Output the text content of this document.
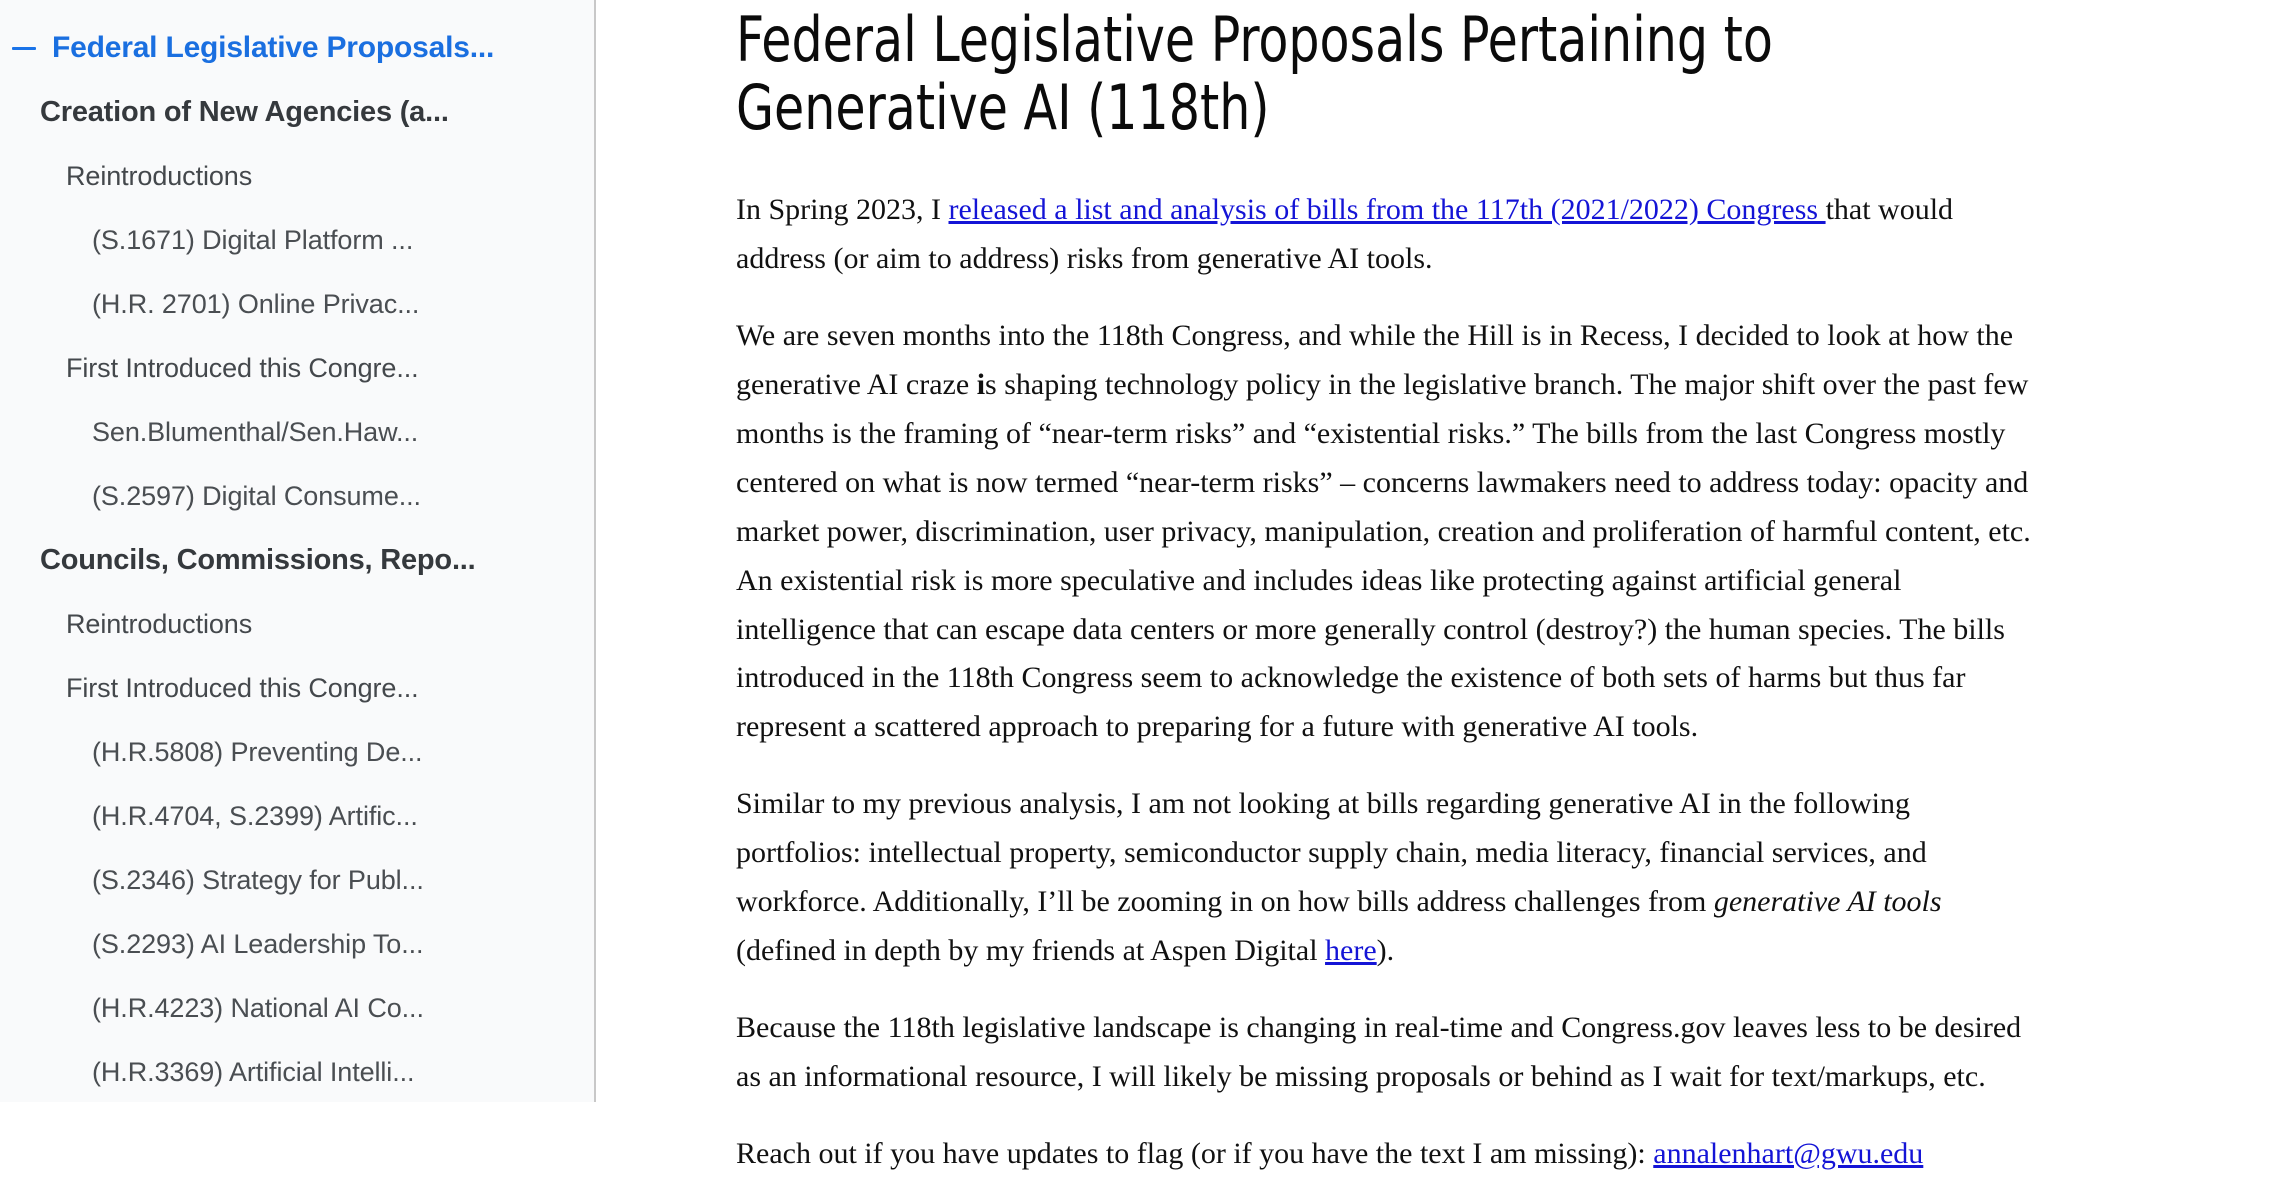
Federal Legislative Proposals...
Creation of New Agencies (a...
Reintroductions
(S.1671) Digital Platform ...
(H.R. 2701) Online Privac...
First Introduced this Congre...
Sen.Blumenthal/Sen.Haw...
(S.2597) Digital Consume...
Councils, Commissions, Repo...
Reintroductions
First Introduced this Congre...
(H.R.5808) Preventing De...
(H.R.4704, S.2399) Artific...
(S.2346) Strategy for Publ...
(S.2293) AI Leadership To...
(H.R.4223) National AI Co...
(H.R.3369) Artificial Intelli...
Federal Legislative Proposals Pertaining to Generative AI (118th)

In Spring 2023, I released a list and analysis of bills from the 117th (2021/2022) Congress that would address (or aim to address) risks from generative AI tools.

We are seven months into the 118th Congress, and while the Hill is in Recess, I decided to look at how the generative AI craze is shaping technology policy in the legislative branch. The major shift over the past few months is the framing of “near-term risks” and “existential risks.” The bills from the last Congress mostly centered on what is now termed “near-term risks” – concerns lawmakers need to address today: opacity and market power, discrimination, user privacy, manipulation, creation and proliferation of harmful content, etc. An existential risk is more speculative and includes ideas like protecting against artificial general intelligence that can escape data centers or more generally control (destroy?) the human species. The bills introduced in the 118th Congress seem to acknowledge the existence of both sets of harms but thus far represent a scattered approach to preparing for a future with generative AI tools.

Similar to my previous analysis, I am not looking at bills regarding generative AI in the following portfolios: intellectual property, semiconductor supply chain, media literacy, financial services, and workforce. Additionally, I’ll be zooming in on how bills address challenges from generative AI tools (defined in depth by my friends at Aspen Digital here).

Because the 118th legislative landscape is changing in real-time and Congress.gov leaves less to be desired as an informational resource, I will likely be missing proposals or behind as I wait for text/markups, etc.

Reach out if you have updates to flag (or if you have the text I am missing): annalenhart@gwu.edu
